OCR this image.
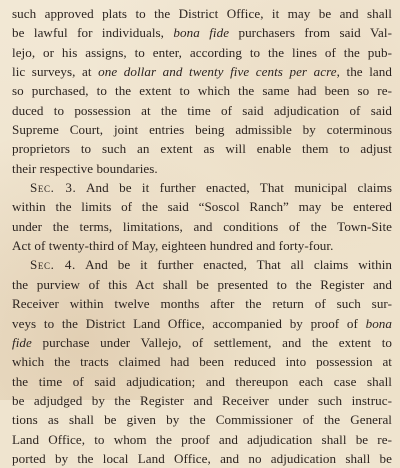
such approved plats to the District Office, it may be and shall
be lawful for individuals, bona fide purchasers from said Val-
lejo, or his assigns, to enter, according to the lines of the pub-
lic surveys, at one dollar and twenty five cents per acre, the land
so purchased, to the extent to which the same had been so re-
duced to possession at the time of said adjudication of said
Supreme Court, joint entries being admissible by coterminous
proprietors to such an extent as will enable them to adjust
their respective boundaries.
Sec. 3. And be it further enacted, That municipal claims
within the limits of the said “Soscol Ranch” may be entered
under the terms, limitations, and conditions of the Town-Site
Act of twenty-third of May, eighteen hundred and forty-four.
Sec. 4. And be it further enacted, That all claims within
the purview of this Act shall be presented to the Register and
Receiver within twelve months after the return of such sur-
veys to the District Land Office, accompanied by proof of bona
fide purchase under Vallejo, of settlement, and the extent to
which the tracts claimed had been reduced into possession at
the time of said adjudication; and thereupon each case shall
be adjudged by the Register and Receiver under such instruc-
tions as shall be given by the Commissioner of the General
Land Office, to whom the proof and adjudication shall be re-
ported by the local Land Office, and no adjudication shall be
